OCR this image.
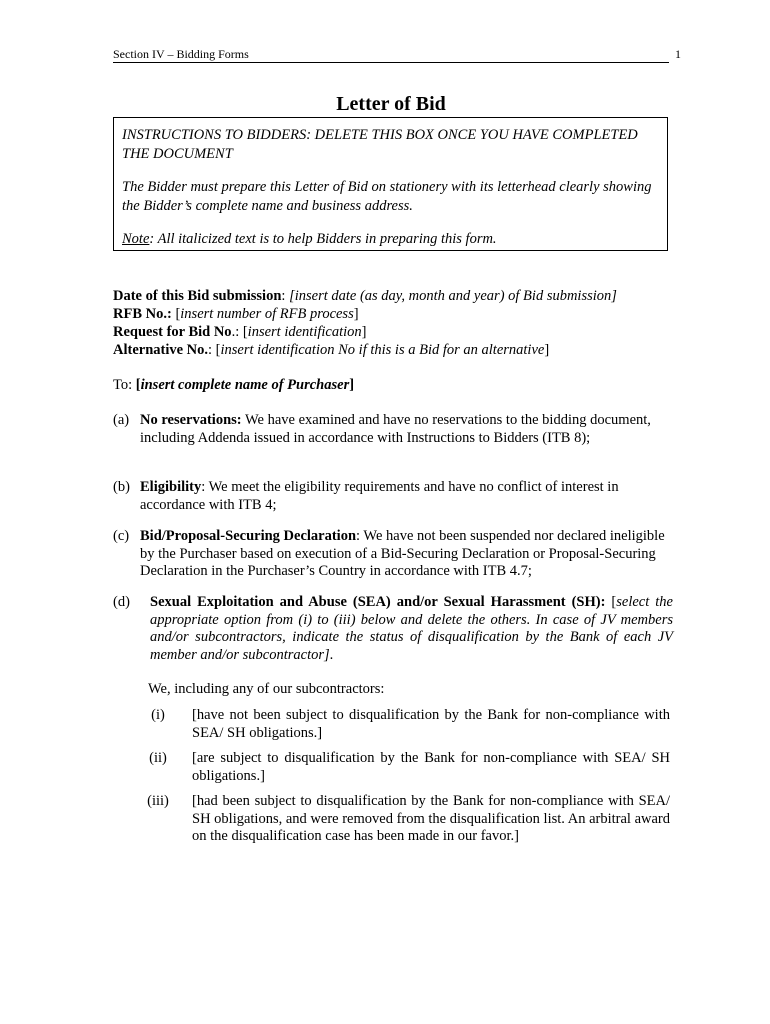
Section IV – Bidding Forms	1
Letter of Bid

INSTRUCTIONS TO BIDDERS: DELETE THIS BOX ONCE YOU HAVE COMPLETED THE DOCUMENT

The Bidder must prepare this Letter of Bid on stationery with its letterhead clearly showing the Bidder’s complete name and business address.

Note: All italicized text is to help Bidders in preparing this form.

Date of this Bid submission: [insert date (as day, month and year) of Bid submission]
RFB No.: [insert number of RFB process]
Request for Bid No.: [insert identification]
Alternative No.: [insert identification No if this is a Bid for an alternative]
To: [insert complete name of Purchaser]
(a) No reservations: We have examined and have no reservations to the bidding document, including Addenda issued in accordance with Instructions to Bidders (ITB 8);
(b) Eligibility: We meet the eligibility requirements and have no conflict of interest in accordance with ITB 4;
(c) Bid/Proposal-Securing Declaration: We have not been suspended nor declared ineligible by the Purchaser based on execution of a Bid-Securing Declaration or Proposal-Securing Declaration in the Purchaser’s Country in accordance with ITB 4.7;
(d) Sexual Exploitation and Abuse (SEA) and/or Sexual Harassment (SH): [select the appropriate option from (i) to (iii) below and delete the others. In case of JV members and/or subcontractors, indicate the status of disqualification by the Bank of each JV member and/or subcontractor].
We, including any of our subcontractors:
(i)	[have not been subject to disqualification by the Bank for non-compliance with SEA/ SH obligations.]
(ii)	[are subject to disqualification by the Bank for non-compliance with SEA/ SH obligations.]
(iii)	[had been subject to disqualification by the Bank for non-compliance with SEA/ SH obligations, and were removed from the disqualification list. An arbitral award on the disqualification case has been made in our favor.]
